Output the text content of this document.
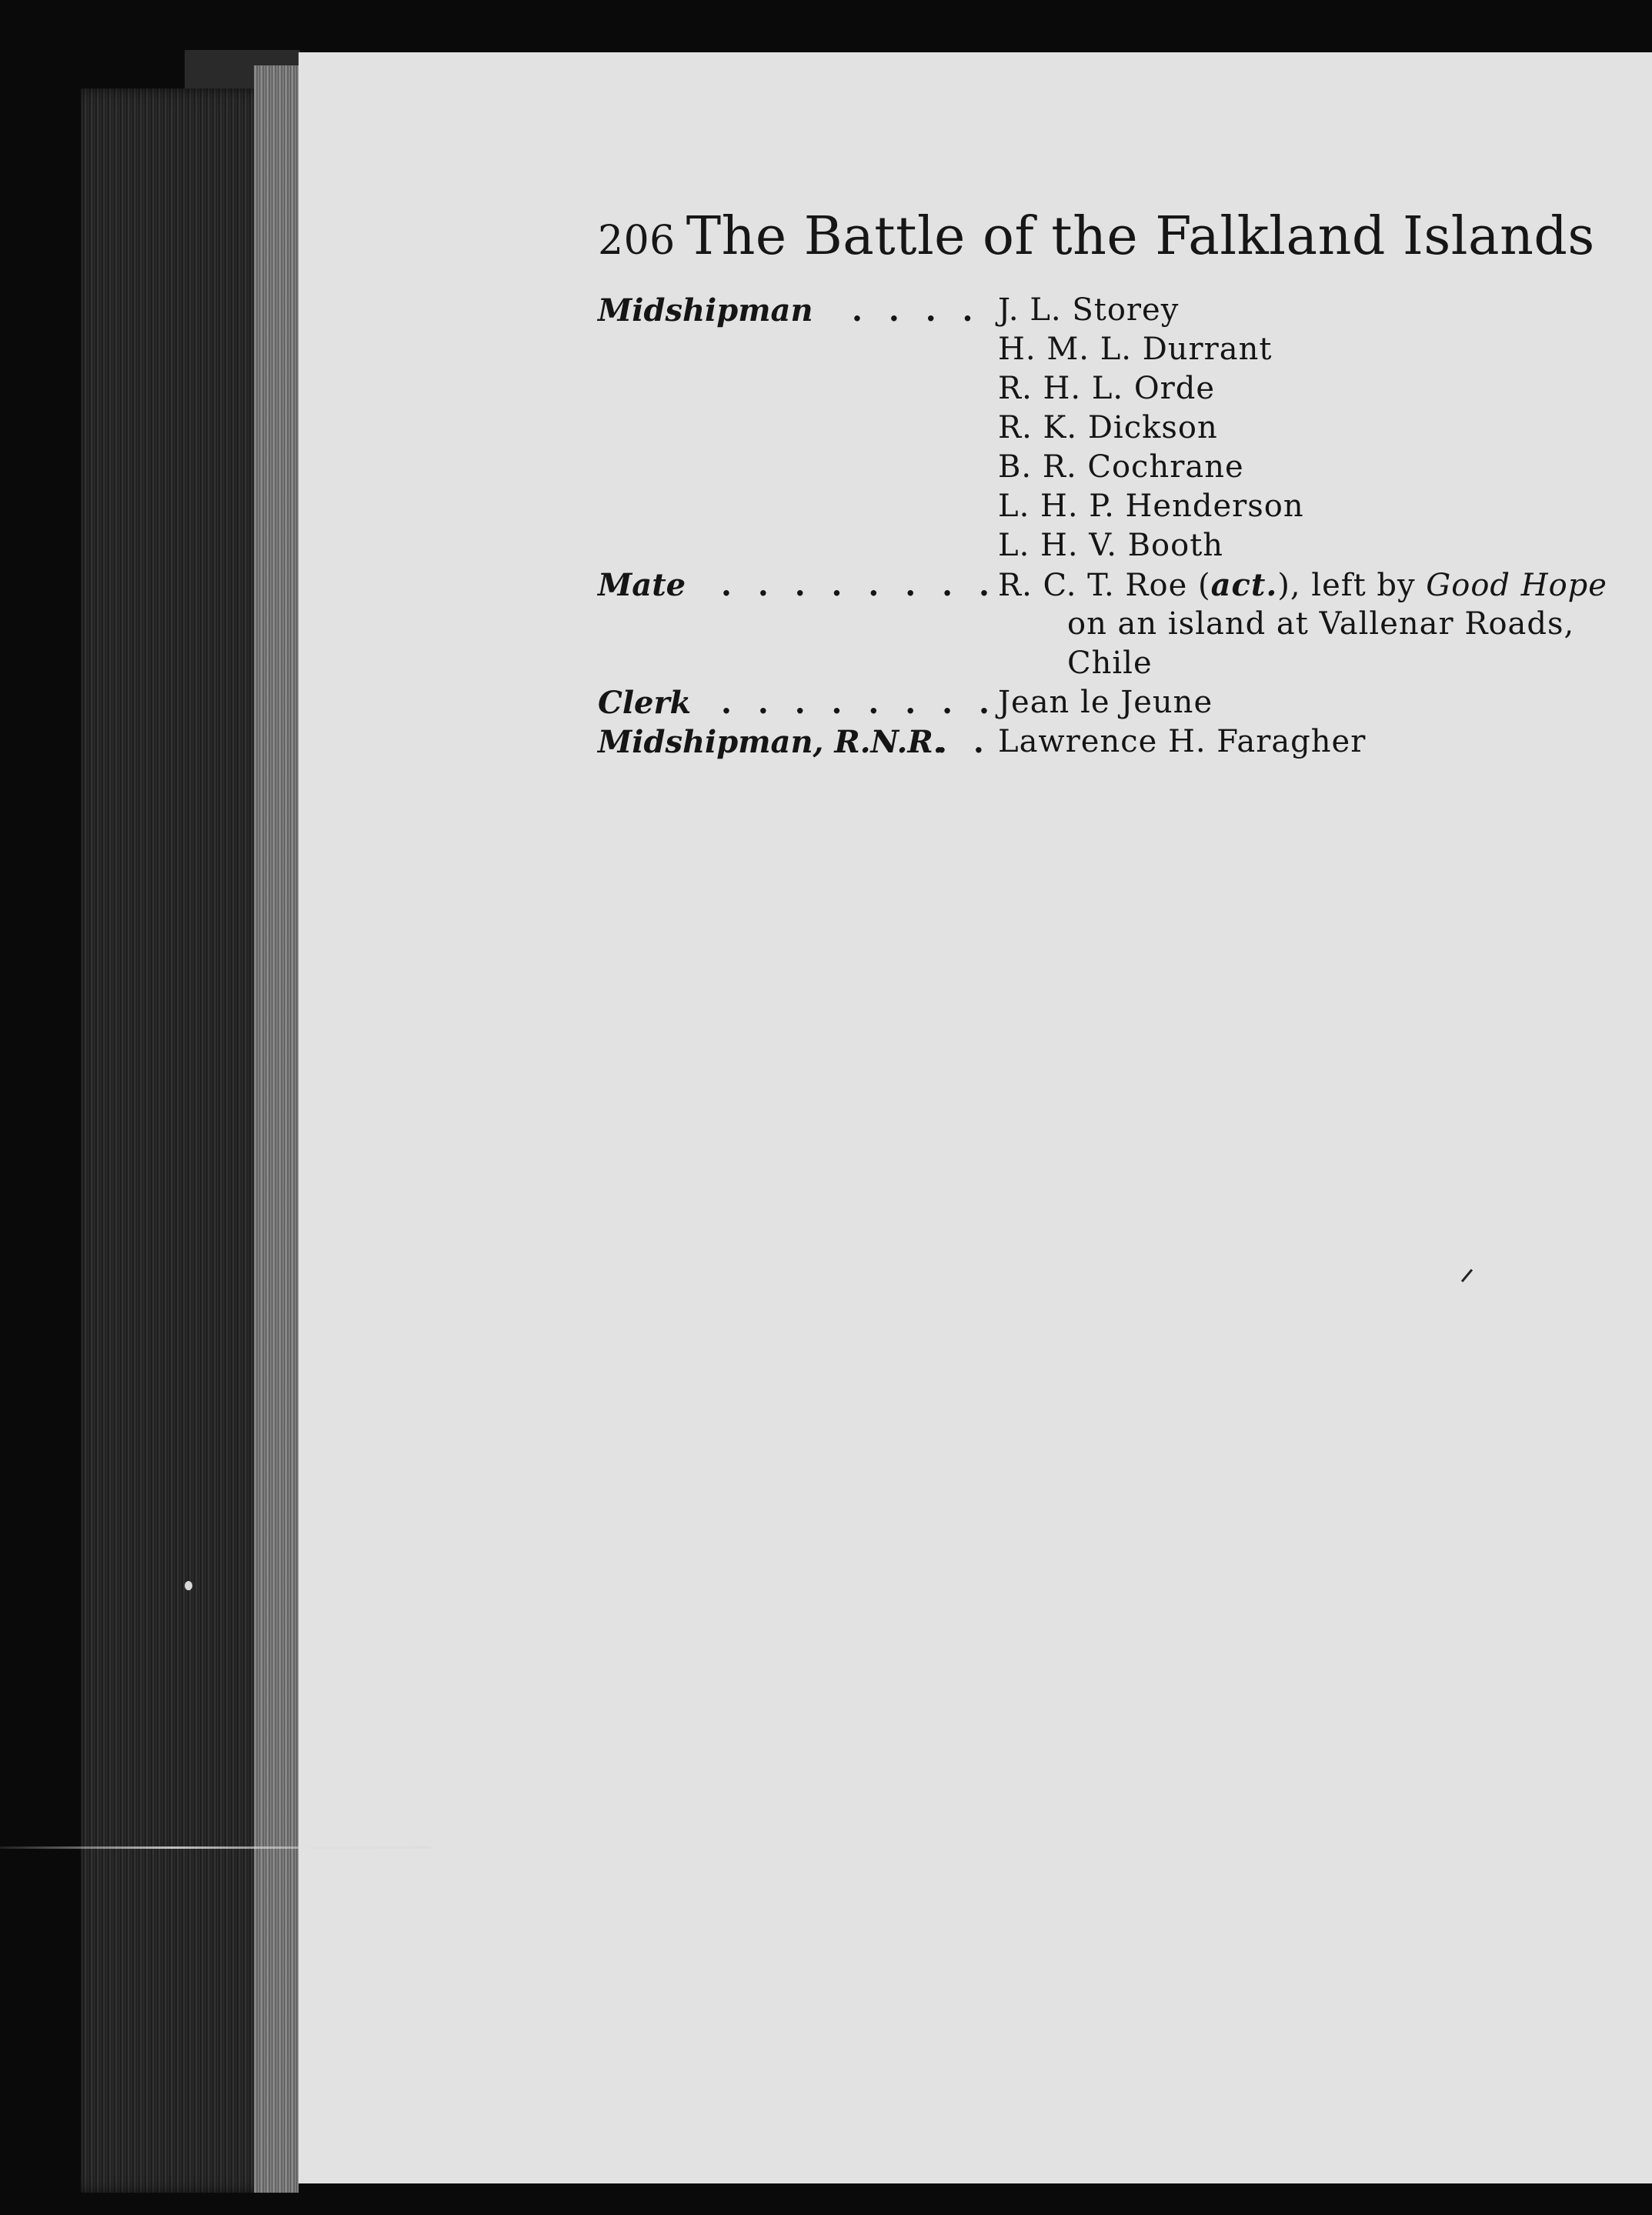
206 The Battle of the Falkland Islands
Midshipman . . . . J. L. Storey
H. M. L. Durrant
R. H. L. Orde
R. K. Dickson
B. R. Cochrane
L. H. P. Henderson
L. H. V. Booth
Mate . . . . . . . . R. C. T. Roe (act.), left by Good Hope
on an island at Vallenar Roads,
Chile
Clerk . . . . . . . . Jean le Jeune
Midshipman, R.N.R.
. . Lawrence H. Faragher
